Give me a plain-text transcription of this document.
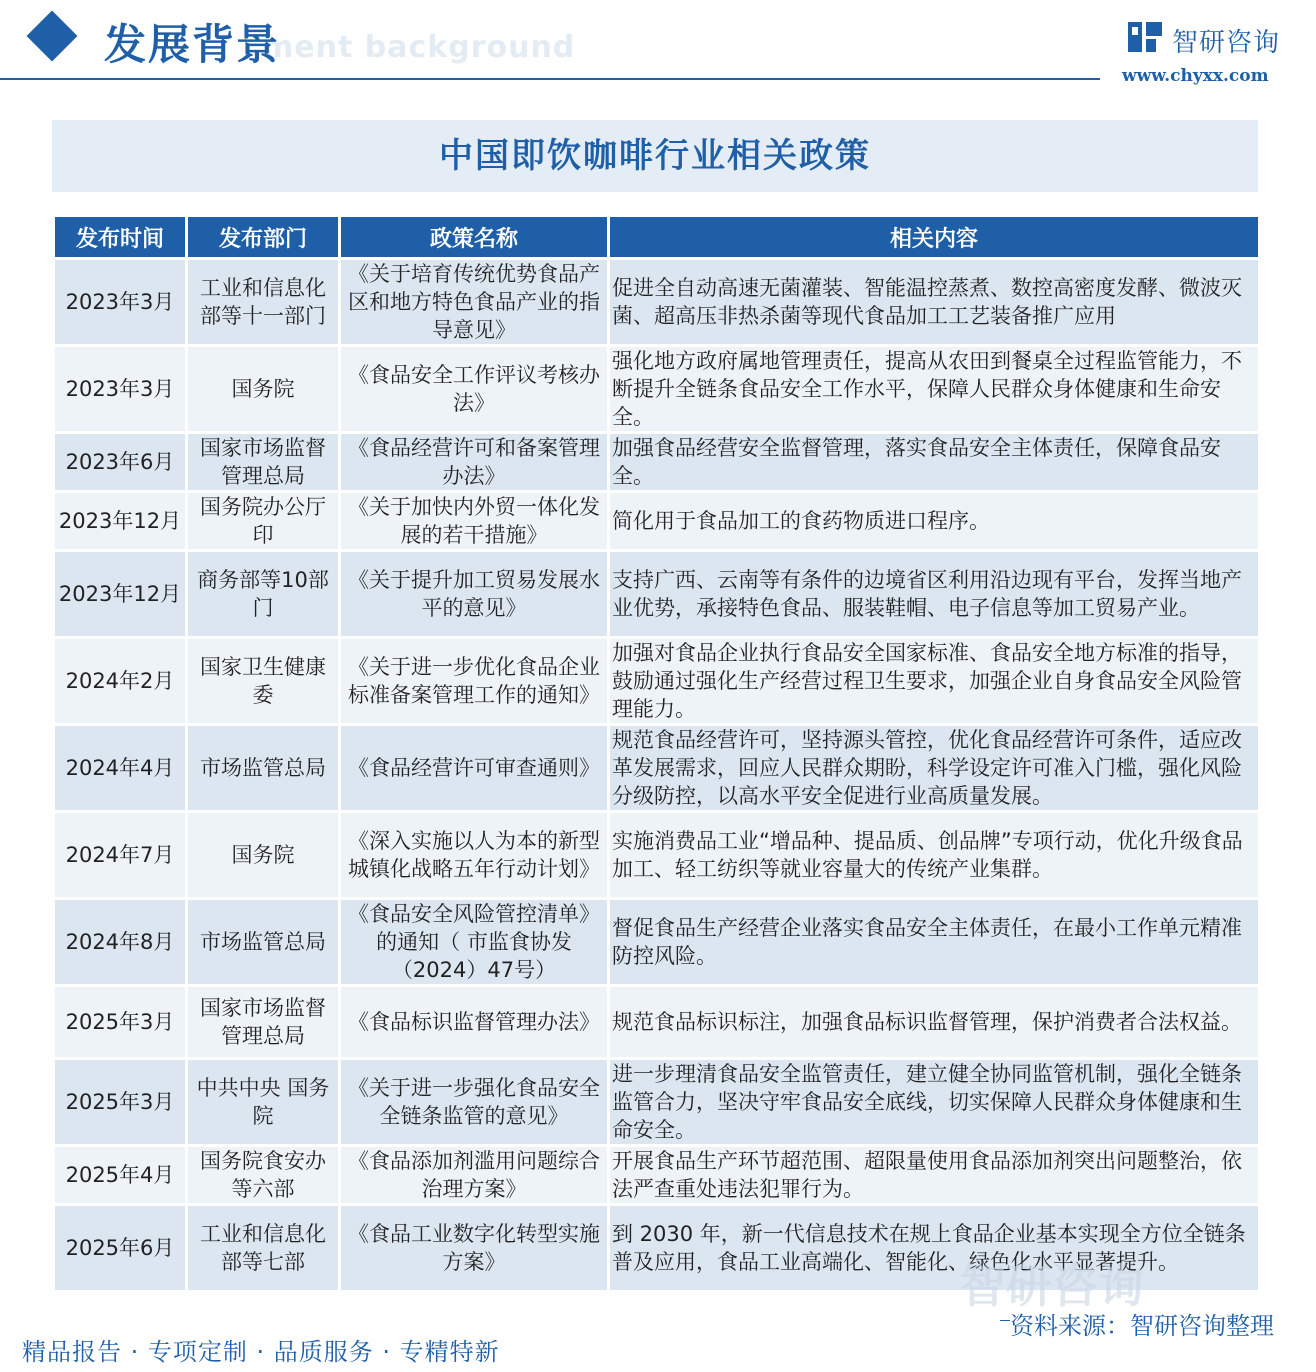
ment background
发展背景	智研咨询
www.chyxx.com
中国即饮咖啡行业相关政策
发布时间	发布部门	政策名称	相关内容
2023年3月	工业和信息化部等十一部门	《关于培育传统优势食品产区和地方特色食品产业的指导意见》	促进全自动高速无菌灌装、智能温控蒸煮、数控高密度发酵、微波灭菌、超高压非热杀菌等现代食品加工工艺装备推广应用
2023年3月	国务院	《食品安全工作评议考核办法》	强化地方政府属地管理责任，提高从农田到餐桌全过程监管能力，不断提升全链条食品安全工作水平，保障人民群众身体健康和生命安全。
2023年6月	国家市场监督管理总局	《食品经营许可和备案管理办法》	加强食品经营安全监督管理，落实食品安全主体责任，保障食品安全。
2023年12月	国务院办公厅印	《关于加快内外贸一体化发展的若干措施》	简化用于食品加工的食药物质进口程序。
2023年12月	商务部等10部门	《关于提升加工贸易发展水平的意见》	支持广西、云南等有条件的边境省区利用沿边现有平台，发挥当地产业优势，承接特色食品、服装鞋帽、电子信息等加工贸易产业。
2024年2月	国家卫生健康委	《关于进一步优化食品企业标准备案管理工作的通知》	加强对食品企业执行食品安全国家标准、食品安全地方标准的指导，鼓励通过强化生产经营过程卫生要求，加强企业自身食品安全风险管理能力。
2024年4月	市场监管总局	《食品经营许可审查通则》	规范食品经营许可，坚持源头管控，优化食品经营许可条件，适应改革发展需求，回应人民群众期盼，科学设定许可准入门槛，强化风险分级防控，以高水平安全促进行业高质量发展。
2024年7月	国务院	《深入实施以人为本的新型城镇化战略五年行动计划》	实施消费品工业“增品种、提品质、创品牌”专项行动，优化升级食品加工、轻工纺织等就业容量大的传统产业集群。
2024年8月	市场监管总局	《食品安全风险管控清单》的通知（ 市监食协发（2024）47号）	督促食品生产经营企业落实食品安全主体责任，在最小工作单元精准防控风险。
2025年3月	国家市场监督管理总局	《食品标识监督管理办法》	规范食品标识标注，加强食品标识监督管理，保护消费者合法权益。
2025年3月	中共中央 国务院	《关于进一步强化食品安全全链条监管的意见》	进一步理清食品安全监管责任，建立健全协同监管机制，强化全链条监管合力，坚决守牢食品安全底线，切实保障人民群众身体健康和生命安全。
2025年4月	国务院食安办等六部	《食品添加剂滥用问题综合治理方案》	开展食品生产环节超范围、超限量使用食品添加剂突出问题整治，依法严查重处违法犯罪行为。
2025年6月	工业和信息化部等七部	《食品工业数字化转型实施方案》	到 2030 年，新一代信息技术在规上食品企业基本实现全方位全链条普及应用，食品工业高端化、智能化、绿色化水平显著提升。
智研咨询
资料来源：智研咨询整理
精品报告 · 专项定制 · 品质服务 · 专精特新
